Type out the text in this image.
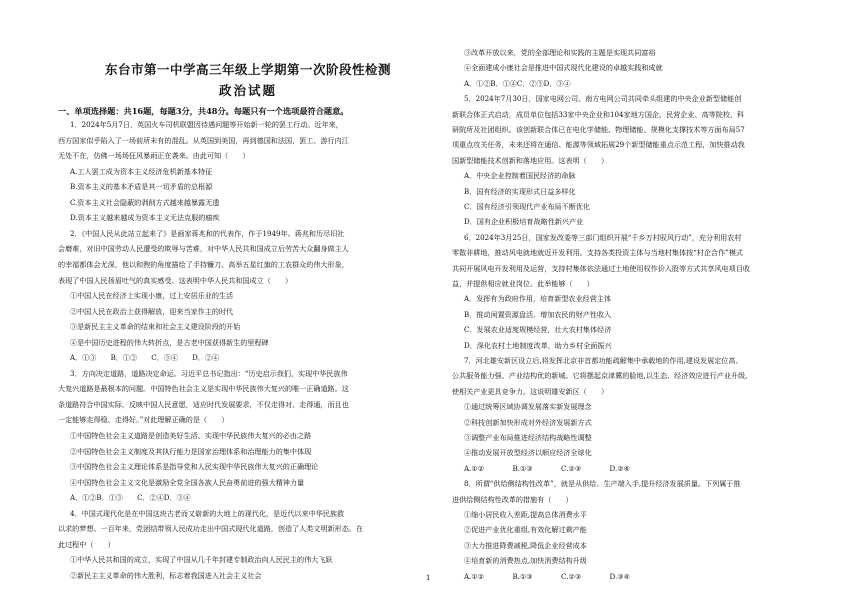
东台市第一中学高三年级上学期第一次阶段性检测
政治试题
一、单项选择题：共16题，每题3分，共48分。每题只有一个选项最符合题意。
1．2024年5月7日，英国火车司机联盟因待遇问题等开始新一轮的罢工行动。近年来，
西方国家似乎陷入了一场前所未有的混乱。从英国到美国，再到德国和法国，罢工、游行内江
无处不在，仿佛一场场狂风暴雨正在袭来。由此可知（　　）
A.工人罢工成为资本主义经济危机新基本特征
B.资本主义的基本矛盾是其一切矛盾的总根源
C.资本主义社会隐蔽的剥削方式越来越暴露无遗
D.资本主义越来越成为资本主义无法克服的痼疾
2．《中国人民从此站立起来了》是画家蒋兆和的代表作，作于1949年。蒋兆和历尽旧社
会磨难，对旧中国劳动人民遭受的欺辱与苦难，对中华人民共和国成立后劳苦大众翻身做主人
的幸福都体会尤深，他以和煦的角度描绘了手持镰刀、高举五星红旗的工农群众的伟大形象，
表现了中国人民扬眉吐气的真实感受。这表明中华人民共和国成立（　　）
①中国人民在经济上实现小康，过上安居乐业的生活
②中国人民在政治上获得解放，迎来当家作主的时代
③是新民主主义革命的结束和社会主义建设阶段的开始
④是中国历史进程的伟大转折点，是古老中国获得新生的里程碑
A．①③　　B．①②　　C．③④　　D．②④
3．方向决定道路，道路决定命运。习近平总书记指出：“历史启示我们，实现中华民族伟
大复兴道路是最根本的问题。中国特色社会主义是实现中华民族伟大复兴的唯一正确道路。这
条道路符合中国实际，反映中国人民意愿，适应时代发展要求，不仅走得对、走得通，而且也
一定能够走得稳、走得好。”对此理解正确的是（　　）
①中国特色社会主义道路是创造美好生活、实现中华民族伟大复兴的必由之路
②中国特色社会主义制度及其执行能力是国家治理体系和治理能力的集中体现
③中国特色社会主义理论体系是指导党和人民实现中华民族伟大复兴的正确理论
④中国特色社会主义文化是激励全党全国各族人民奋勇前进的强大精神力量
A．①②B．①③　　C．②④D．③④
4．中国式现代化是在中国这块古老而又崭新的大地上的现代化，是近代以来中华民族救
以求的梦想。一百年来，党团结带领人民成功走出中国式现代化道路，创造了人类文明新形态。在
此过程中（　　）
①中华人民共和国的成立，实现了中国从几千年封建专制政治向人民民主的伟大飞跃
②新民主主义革命的伟大胜利，标志着我国进入社会主义社会
③改革开放以来，党的全部理论和实践的主题是实现共同富裕
④全面建成小康社会是推进中国式现代化建设的卓越实践和成就
A．①②B．①④C．②③D．③④
5．2024年7月30日，国家电网公司、南方电网公司共同牵头组建的中央企业新型储能创
新联合体正式启动，成员单位包括33家中央企业和104家地方国企、民营企业、高等院校、科
研院所及社团组织。该创新联合体已在电化学储能、物理储能、规模化支撑技术等方面布局57
项重点攻关任务，未来还将在通信、能源等领域拓展29个新型储能重点示范工程，加快推动我
国新型储能技术创新和落地应用。这表明（　　）
A．中央企业控制着国民经济的命脉
B．国有经济的实现形式日益多样化
C．国有经济引领现代产业布局不断优化
D．国有企业积极培育战略性新兴产业
6．2024年3月25日，国家发改委等三部门组织开展“千乡万村驭风行动”，充分利用农村
零散非耕地，推动风电就地就近开发利用。支持各类投资主体与当地村集体按“村企合作”模式
共同开展风电开发利用及运营，支持村集体依法通过土地使用权作价入股等方式共享风电项目收
益，并提供相应就业岗位。此举能够（　　）
A．发挥有为政府作用，培育新型农业经营主体
B．推动闲置资源盘活，增加农民的财产性收入
C．发展农业适度规模经营，壮大农村集体经济
D．深化农村土地制度改革，助力乡村全面振兴
7．河北雄安新区设立后,将发挥北京非首都功能疏解集中承载地的作用,建设发展定位高、
公共服务能力强、产业结构优的新城。它将摆起京津冀的脸地,以生态、经济效应进行产业升级,
使相关产业更具竞争力。这说明雄安新区（　　）
①通过统筹区域协调发展落实新发展理念
②科技创新加快形成对外经济发展新方式
③调整产业布局推进经济结构战略性调整
④推动发展开放型经济以顺应经济全球化
A.①②　　　　B.①③　　　　C.②③　　　　D.②④
8．所谓“供给侧结构性改革”，就是从供给、生产端入手,提升经济发展质量。下列属于推
进供给侧结构性改革的措施有（　　）
①缩小居民收入差距,提高总体消费水平
②促进产业优化重组,有效化解过剩产能
③大力推进降费减税,降低企业经营成本
④培育新的消费热点,加快消费结构升级
A.①②　　　　B.①③　　　　C.②③　　　　D.③④
1
